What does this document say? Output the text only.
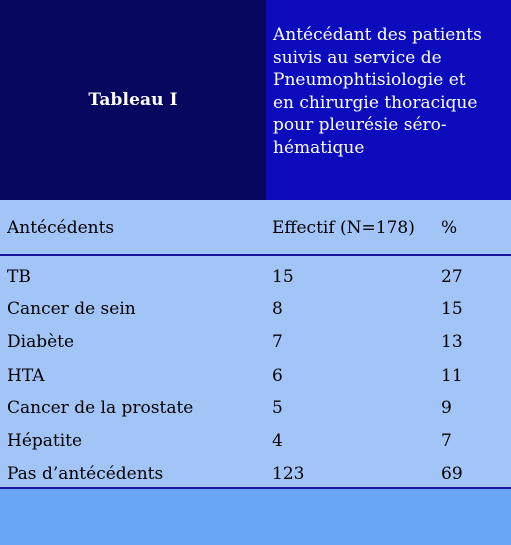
Tableau I

Antécédant des patients
suivis au service de
Pneumophtisiologie et
en chirurgie thoracique
pour pleurésie séro-
hématique

Antécédents	Effectif (N=178) %
TB	15	27
Cancer de sein	8	15
Diabète	7	13
HTA	6	11
Cancer de la prostate	5	9
Hépatite	4	7
Pas d’antécédents	123	69
